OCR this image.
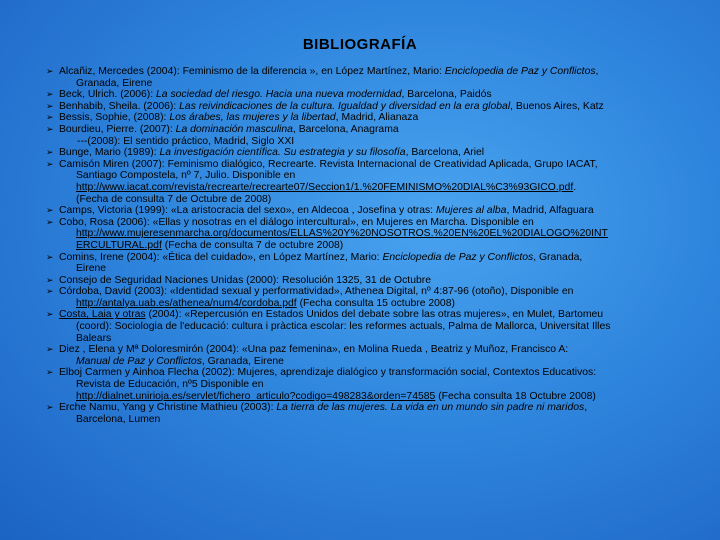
BIBLIOGRAFÍA
➢ Alcañiz, Mercedes (2004): Feminismo de la diferencia », en López Martínez, Mario: Enciclopedia de Paz y Conflictos,
Granada, Eirene
➢ Beck, Ulrich. (2006): La sociedad del riesgo. Hacia una nueva modernidad, Barcelona, Paidós
➢ Benhabib, Sheila. (2006): Las reivindicaciones de la cultura. Igualdad y diversidad en la era global, Buenos Aires, Katz
➢ Bessis, Sophie, (2008): Los árabes, las mujeres y la libertad, Madrid, Alianaza
➢ Bourdieu, Pierre. (2007): La dominación masculina, Barcelona, Anagrama
---(2008): El sentido práctico, Madrid, Siglo XXI
➢ Bunge, Mario (1989): La investigación científica. Su estrategia y su filosofía, Barcelona, Ariel
➢ Camisón Miren (2007): Feminismo dialógico, Recrearte. Revista Internacional de Creatividad Aplicada, Grupo IACAT,
Santiago Compostela, nº 7, Julio. Disponible en
http://www.iacat.com/revista/recrearte/recrearte07/Seccion1/1.%20FEMINISMO%20DIAL%C3%93GICO.pdf.
(Fecha de consulta 7 de Octubre de 2008)
➢ Camps, Victoria (1999): «La aristocracia del sexo», en Aldecoa , Josefina y otras: Mujeres al alba, Madrid, Alfaguara
➢ Cobo, Rosa (2006): «Ellas y nosotras en el diálogo intercultural», en Mujeres en Marcha. Disponible en
http://www.mujeresenmarcha.org/documentos/ELLAS%20Y%20NOSOTROS.%20EN%20EL%20DIALOGO%20INT
ERCULTURAL.pdf (Fecha de consulta 7 de octubre 2008)
➢ Comins, Irene (2004): «Ética del cuidado», en López Martínez, Mario: Enciclopedia de Paz y Conflictos, Granada,
Eirene
➢ Consejo de Seguridad Naciones Unidas (2000): Resolución 1325, 31 de Octubre
➢ Córdoba, David (2003): «Identidad sexual y performatividad», Athenea Digital, nº 4:87-96 (otoño), Disponible en
http://antalya.uab.es/athenea/num4/cordoba.pdf (Fecha consulta 15 octubre 2008)
➢ Costa, Laia y otras (2004): «Repercusión en Estados Unidos del debate sobre las otras mujeres», en Mulet, Bartomeu
(coord): Sociologia de l'educació: cultura i pràctica escolar: les reformes actuals, Palma de Mallorca, Universitat Illes
Balears
➢ Diez , Elena y Mª Doloresmirón (2004): «Una paz femenina», en Molina Rueda , Beatriz y Muñoz, Francisco A:
Manual de Paz y Conflictos, Granada, Eirene
➢ Elboj Carmen y Ainhoa Flecha (2002): Mujeres, aprendizaje dialógico y transformación social, Contextos Educativos:
Revista de Educación, nº5 Disponible en
http://dialnet.unirioja.es/servlet/fichero_articulo?codigo=498283&orden=74585 (Fecha consulta 18 Octubre 2008)
➢ Erche Namu, Yang y Christine Mathieu (2003): La tierra de las mujeres. La vida en un mundo sin padre ni maridos,
Barcelona, Lumen
